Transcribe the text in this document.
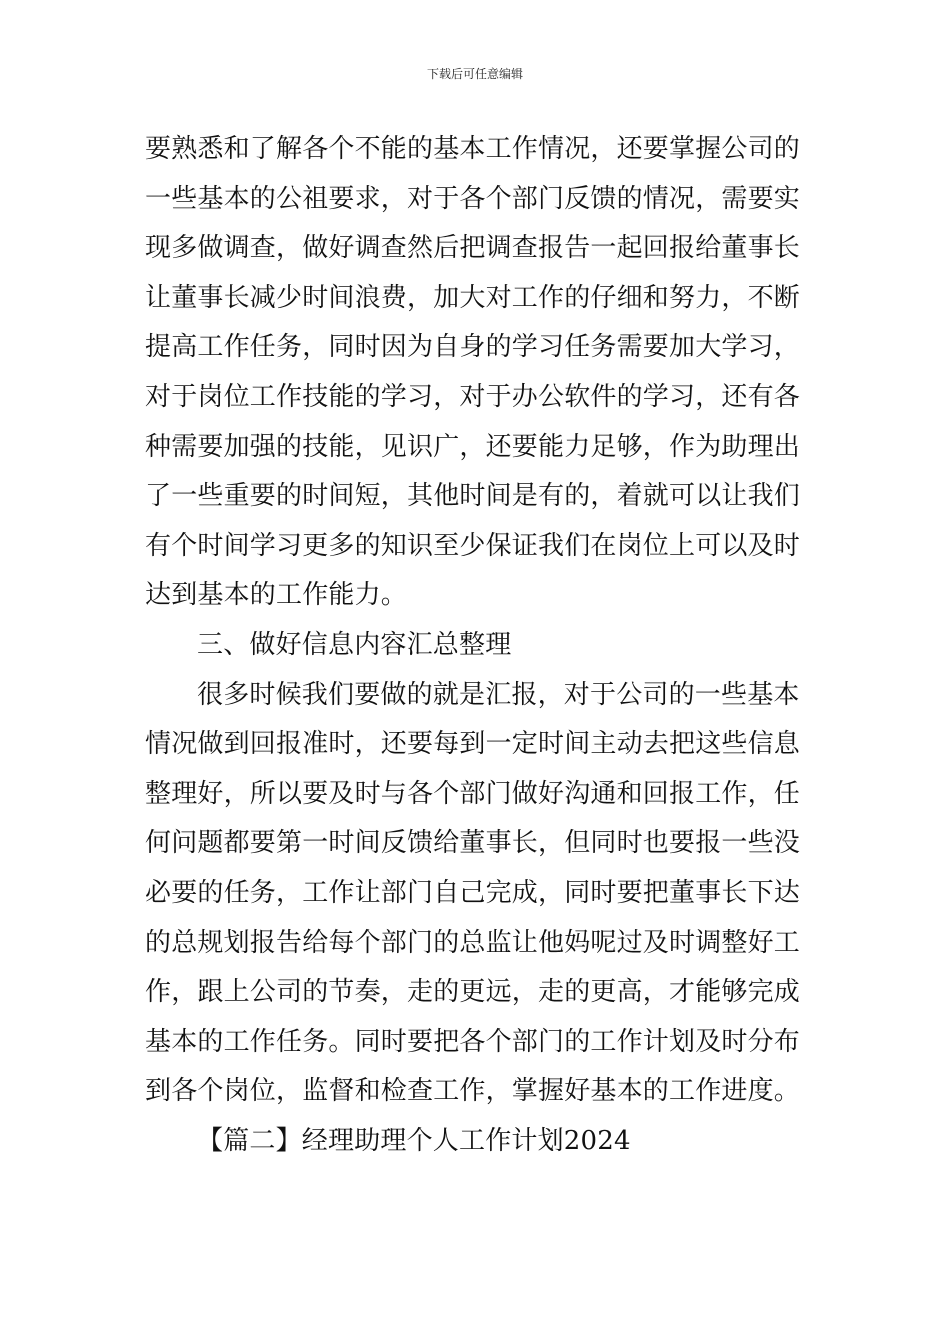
下载后可任意编辑
要熟悉和了解各个不能的基本工作情况，还要掌握公司的
一些基本的公祖要求，对于各个部门反馈的情况，需要实
现多做调查，做好调查然后把调查报告一起回报给董事长
让董事长减少时间浪费，加大对工作的仔细和努力，不断
提高工作任务，同时因为自身的学习任务需要加大学习，
对于岗位工作技能的学习，对于办公软件的学习，还有各
种需要加强的技能，见识广，还要能力足够，作为助理出
了一些重要的时间短，其他时间是有的，着就可以让我们
有个时间学习更多的知识至少保证我们在岗位上可以及时
达到基本的工作能力。
三、做好信息内容汇总整理
很多时候我们要做的就是汇报，对于公司的一些基本
情况做到回报准时，还要每到一定时间主动去把这些信息
整理好，所以要及时与各个部门做好沟通和回报工作，任
何问题都要第一时间反馈给董事长，但同时也要报一些没
必要的任务，工作让部门自己完成，同时要把董事长下达
的总规划报告给每个部门的总监让他妈呢过及时调整好工
作，跟上公司的节奏，走的更远，走的更高，才能够完成
基本的工作任务。同时要把各个部门的工作计划及时分布
到各个岗位，监督和检查工作，掌握好基本的工作进度。
【篇二】经理助理个人工作计划2024
